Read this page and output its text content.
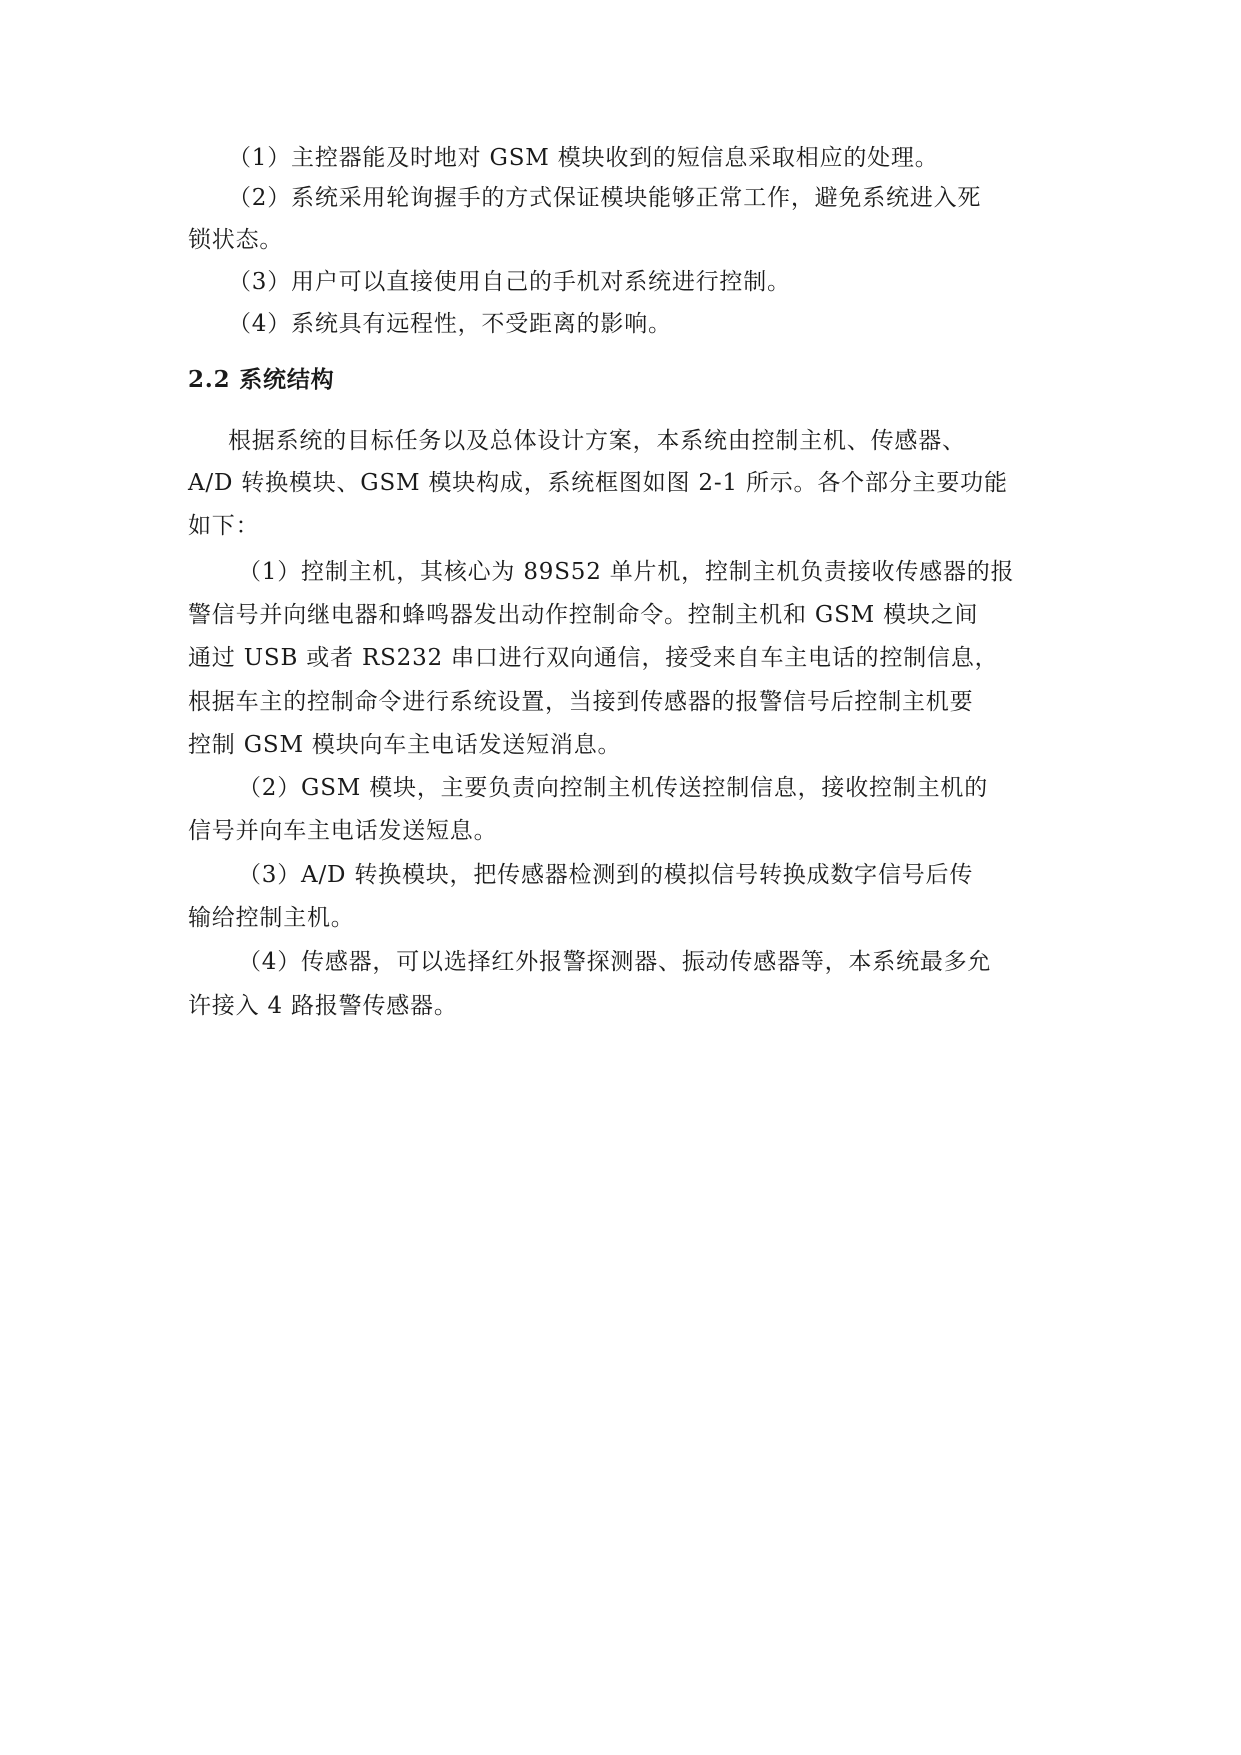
（1）主控器能及时地对 GSM 模块收到的短信息采取相应的处理。
（2）系统采用轮询握手的方式保证模块能够正常工作，避免系统进入死
锁状态。
（3）用户可以直接使用自己的手机对系统进行控制。
（4）系统具有远程性，不受距离的影响。
2.2 系统结构
根据系统的目标任务以及总体设计方案，本系统由控制主机、传感器、
A/D 转换模块、GSM 模块构成，系统框图如图 2-1 所示。各个部分主要功能
如下：
（1）控制主机，其核心为 89S52 单片机，控制主机负责接收传感器的报
警信号并向继电器和蜂鸣器发出动作控制命令。控制主机和 GSM 模块之间
通过 USB 或者 RS232 串口进行双向通信，接受来自车主电话的控制信息，
根据车主的控制命令进行系统设置，当接到传感器的报警信号后控制主机要
控制 GSM 模块向车主电话发送短消息。
（2）GSM 模块，主要负责向控制主机传送控制信息，接收控制主机的
信号并向车主电话发送短息。
（3）A/D 转换模块，把传感器检测到的模拟信号转换成数字信号后传
输给控制主机。
（4）传感器，可以选择红外报警探测器、振动传感器等，本系统最多允
许接入 4 路报警传感器。
